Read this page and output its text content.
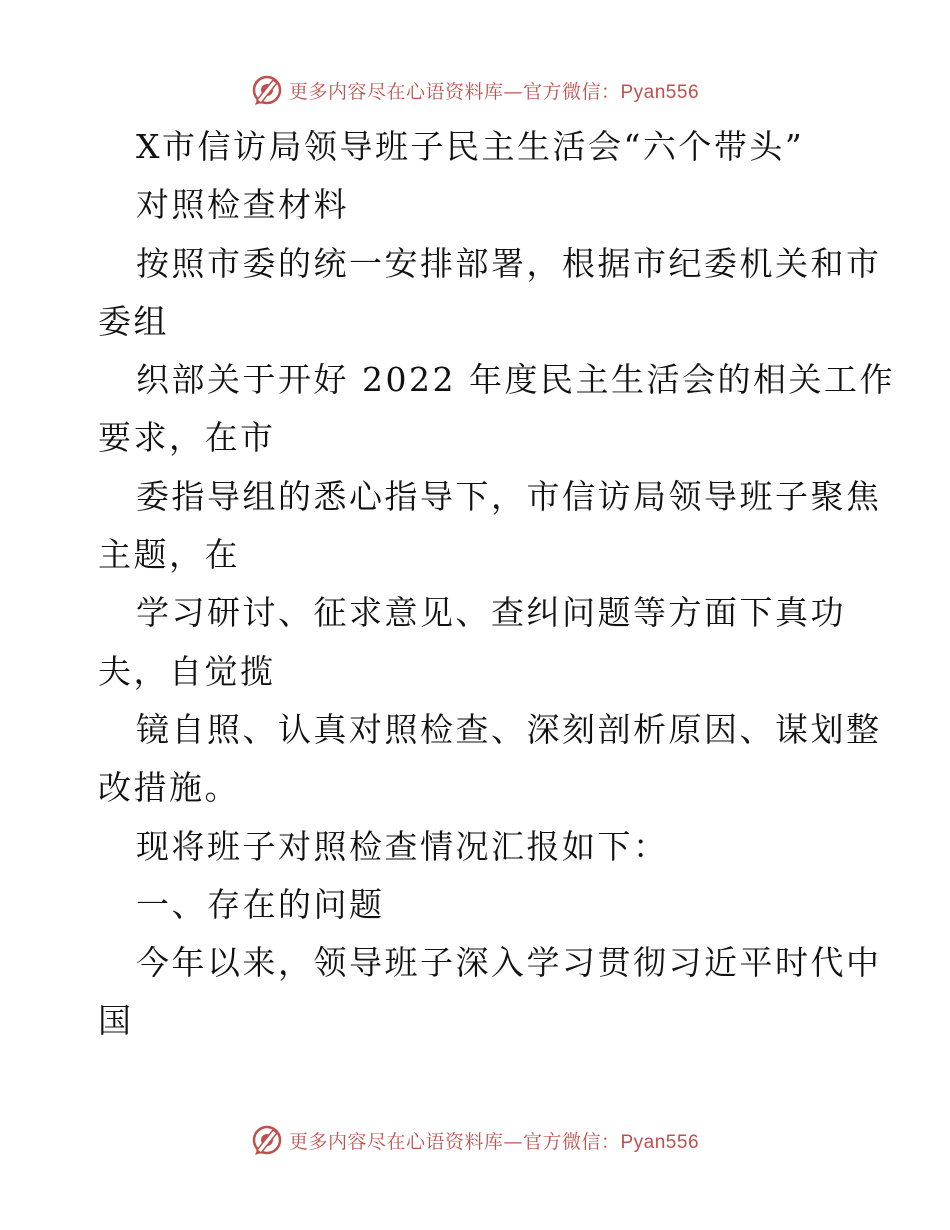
更多内容尽在心语资料库—官方微信：Pyan556
X市信访局领导班子民主生活会“六个带头”
对照检查材料
按照市委的统一安排部署，根据市纪委机关和市
委组
织部关于开好 2022 年度民主生活会的相关工作
要求，在市
委指导组的悉心指导下，市信访局领导班子聚焦
主题，在
学习研讨、征求意见、查纠问题等方面下真功
夫，自觉揽
镜自照、认真对照检查、深刻剖析原因、谋划整
改措施。
现将班子对照检查情况汇报如下：
一、存在的问题
今年以来，领导班子深入学习贯彻习近平时代中
国
更多内容尽在心语资料库—官方微信：Pyan556
